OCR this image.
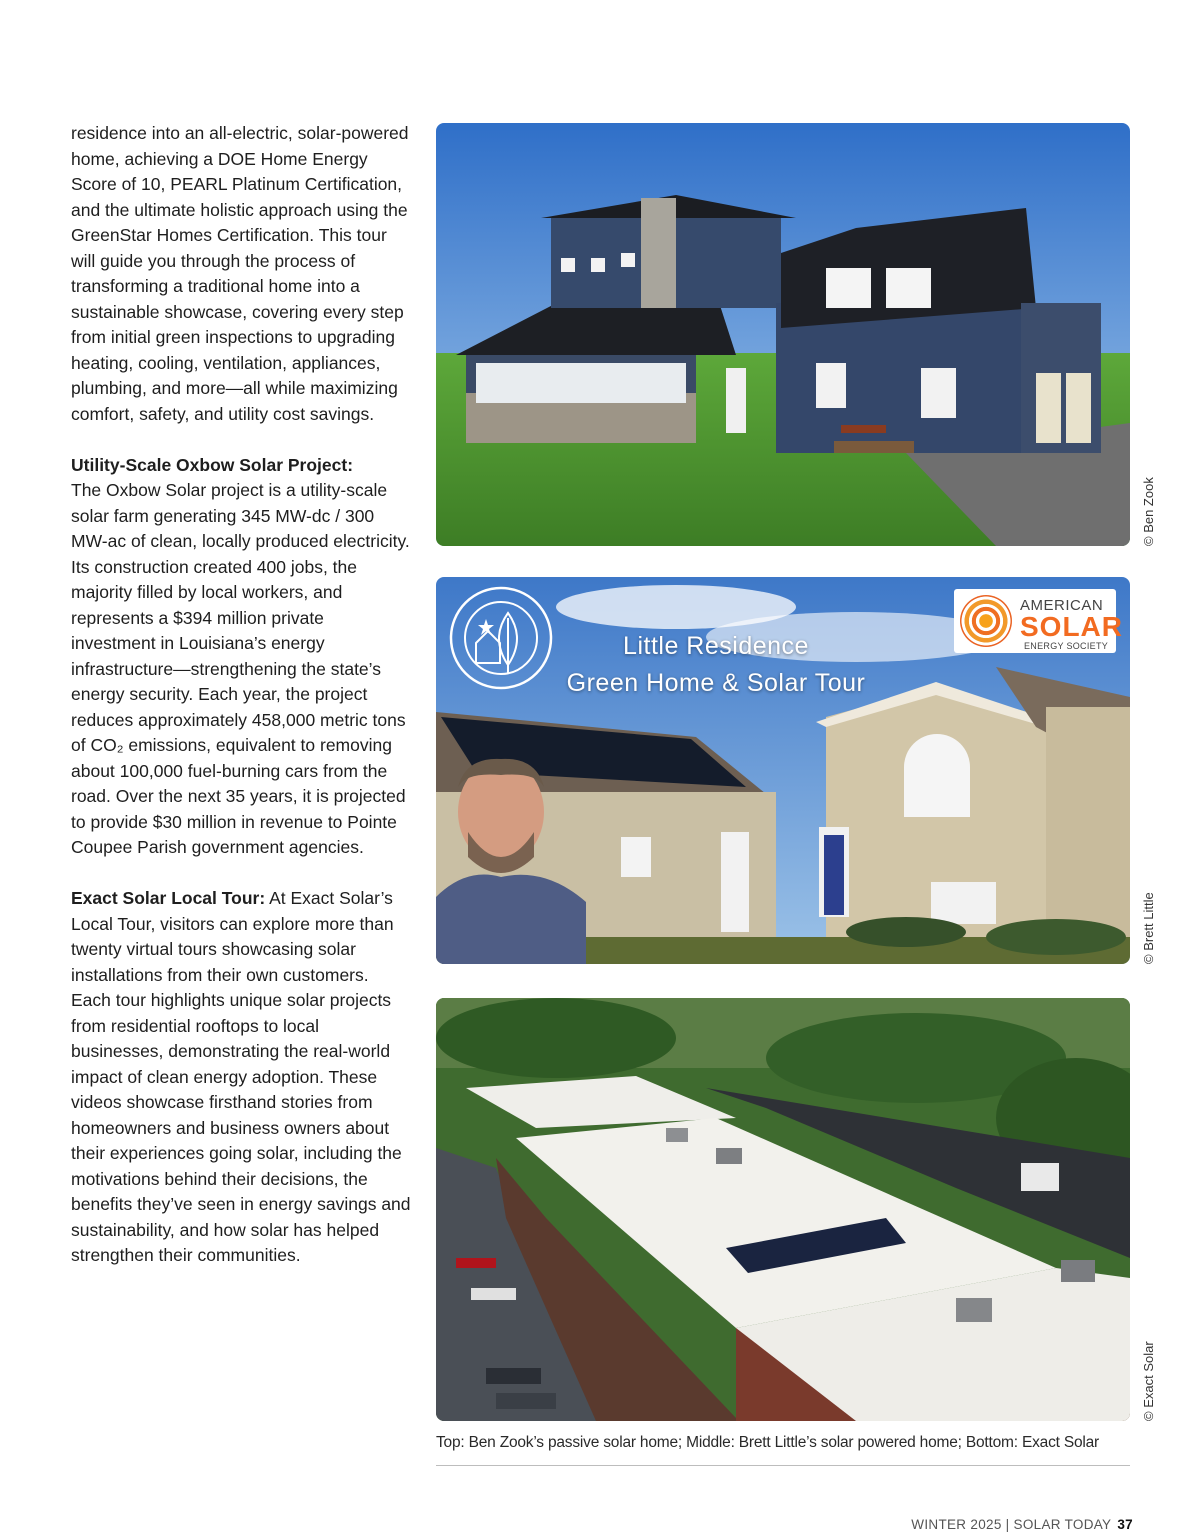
residence into an all-electric, solar-powered home, achieving a DOE Home Energy Score of 10, PEARL Platinum Certification, and the ultimate holistic approach using the GreenStar Homes Certification. This tour will guide you through the process of transforming a traditional home into a sustainable showcase, covering every step from initial green inspections to upgrading heating, cooling, ventilation, appliances, plumbing, and more—all while maximizing comfort, safety, and utility cost savings.

Utility-Scale Oxbow Solar Project:
The Oxbow Solar project is a utility-scale solar farm generating 345 MW-dc / 300 MW-ac of clean, locally produced electricity. Its construction created 400 jobs, the majority filled by local workers, and represents a $394 million private investment in Louisiana’s energy infrastructure—strengthening the state’s energy security. Each year, the project reduces approximately 458,000 metric tons of CO₂ emissions, equivalent to removing about 100,000 fuel-burning cars from the road. Over the next 35 years, it is projected to provide $30 million in revenue to Pointe Coupee Parish government agencies.

Exact Solar Local Tour: At Exact Solar’s Local Tour, visitors can explore more than twenty virtual tours showcasing solar installations from their own customers. Each tour highlights unique solar projects from residential rooftops to local businesses, demonstrating the real-world impact of clean energy adoption. These videos showcase firsthand stories from homeowners and business owners about their experiences going solar, including the motivations behind their decisions, the benefits they’ve seen in energy savings and sustainability, and how solar has helped strengthen their communities.

© Ben Zook
Little Residence
Green Home & Solar Tour
AMERICAN
SOLAR
ENERGY SOCIETY
© Brett Little
© Exact Solar
Top: Ben Zook’s passive solar home; Middle: Brett Little’s solar powered home; Bottom: Exact Solar
WINTER 2025 | SOLAR TODAY 37
